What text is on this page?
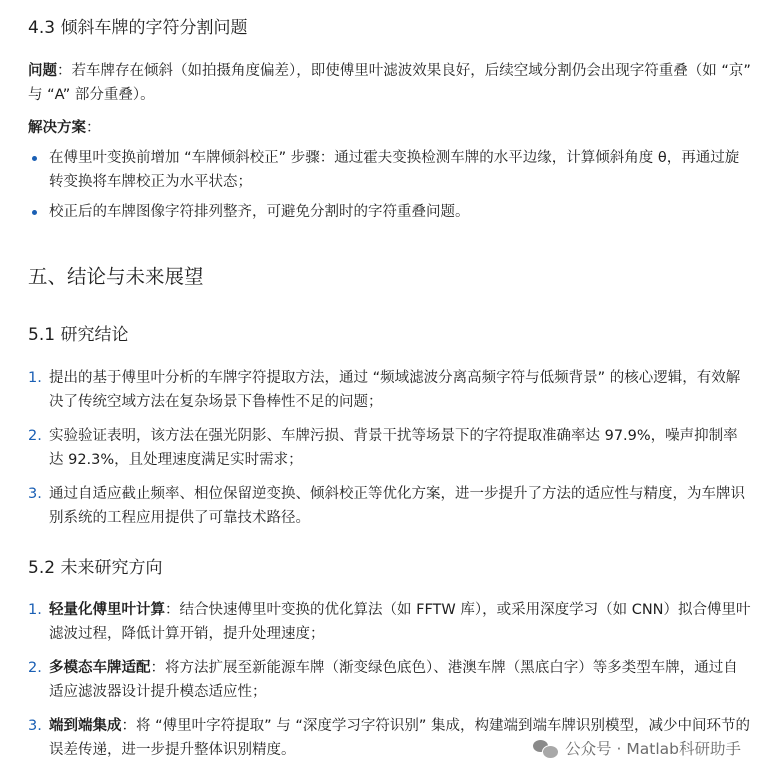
4.3 倾斜车牌的字符分割问题

问题：若车牌存在倾斜（如拍摄角度偏差），即使傅里叶滤波效果良好，后续空域分割仍会出现字符重叠（如 “京” 与 “A” 部分重叠）。

解决方案：

在傅里叶变换前增加 “车牌倾斜校正” 步骤：通过霍夫变换检测车牌的水平边缘，计算倾斜角度 θ，再通过旋转变换将车牌校正为水平状态；
校正后的车牌图像字符排列整齐，可避免分割时的字符重叠问题。
五、结论与未来展望
5.1 研究结论
1. 提出的基于傅里叶分析的车牌字符提取方法，通过 “频域滤波分离高频字符与低频背景” 的核心逻辑，有效解决了传统空域方法在复杂场景下鲁棒性不足的问题；
2. 实验验证表明，该方法在强光阴影、车牌污损、背景干扰等场景下的字符提取准确率达 97.9%，噪声抑制率达 92.3%，且处理速度满足实时需求；
3. 通过自适应截止频率、相位保留逆变换、倾斜校正等优化方案，进一步提升了方法的适应性与精度，为车牌识别系统的工程应用提供了可靠技术路径。
5.2 未来研究方向
1. 轻量化傅里叶计算：结合快速傅里叶变换的优化算法（如 FFTW 库），或采用深度学习（如 CNN）拟合傅里叶滤波过程，降低计算开销，提升处理速度；
2. 多模态车牌适配：将方法扩展至新能源车牌（渐变绿色底色）、港澳车牌（黑底白字）等多类型车牌，通过自适应滤波器设计提升模态适应性；
3. 端到端集成：将 “傅里叶字符提取” 与 “深度学习字符识别” 集成，构建端到端车牌识别模型，减少中间环节的误差传递，进一步提升整体识别精度。	公众号 · Matlab科研助手
